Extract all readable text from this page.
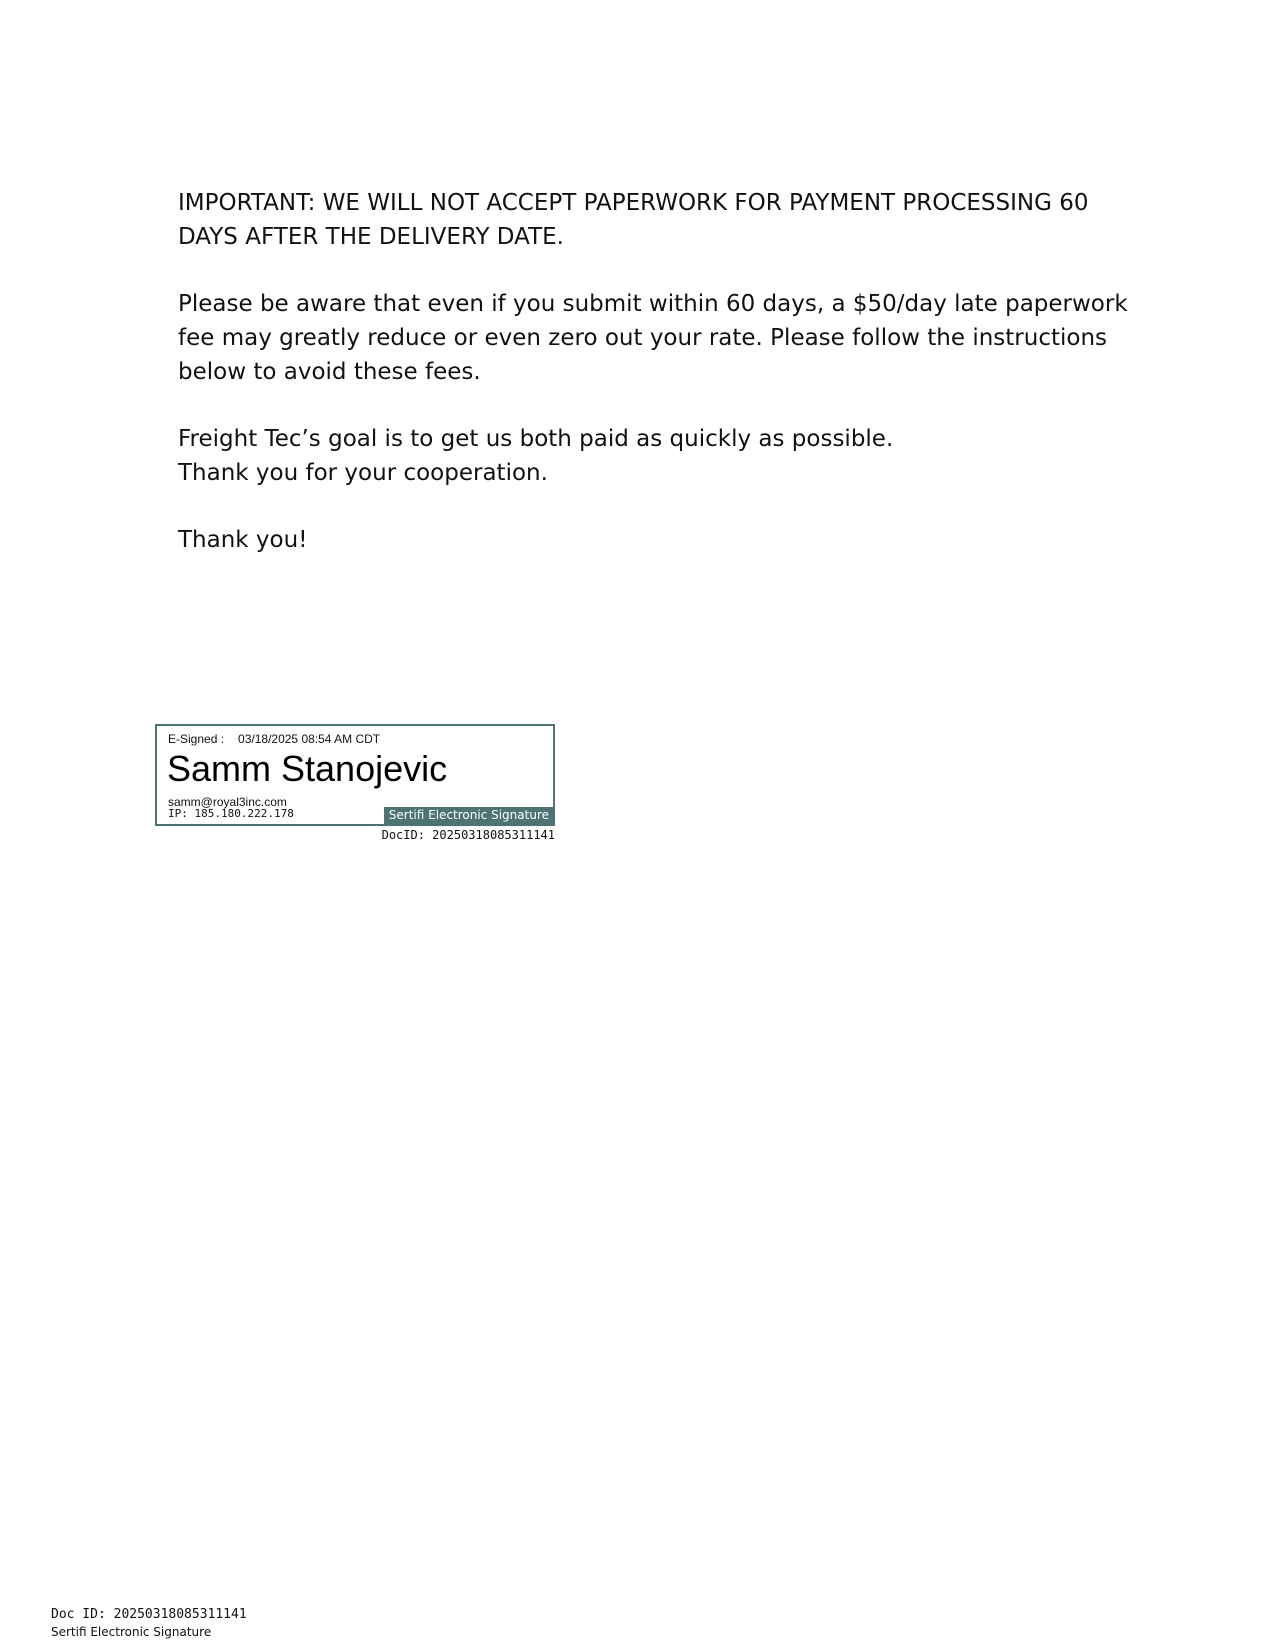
IMPORTANT: WE WILL NOT ACCEPT PAPERWORK FOR PAYMENT PROCESSING 60
DAYS AFTER THE DELIVERY DATE.

Please be aware that even if you submit within 60 days, a $50/day late paperwork
fee may greatly reduce or even zero out your rate. Please follow the instructions
below to avoid these fees.

Freight Tec’s goal is to get us both paid as quickly as possible.
Thank you for your cooperation.

Thank you!

E-Signed : 03/18/2025 08:54 AM CDT
Samm Stanojevic
samm@royal3inc.com
IP: 185.180.222.178	Sertifi Electronic Signature
DocID: 20250318085311141
Doc ID: 20250318085311141
Sertifi Electronic Signature
